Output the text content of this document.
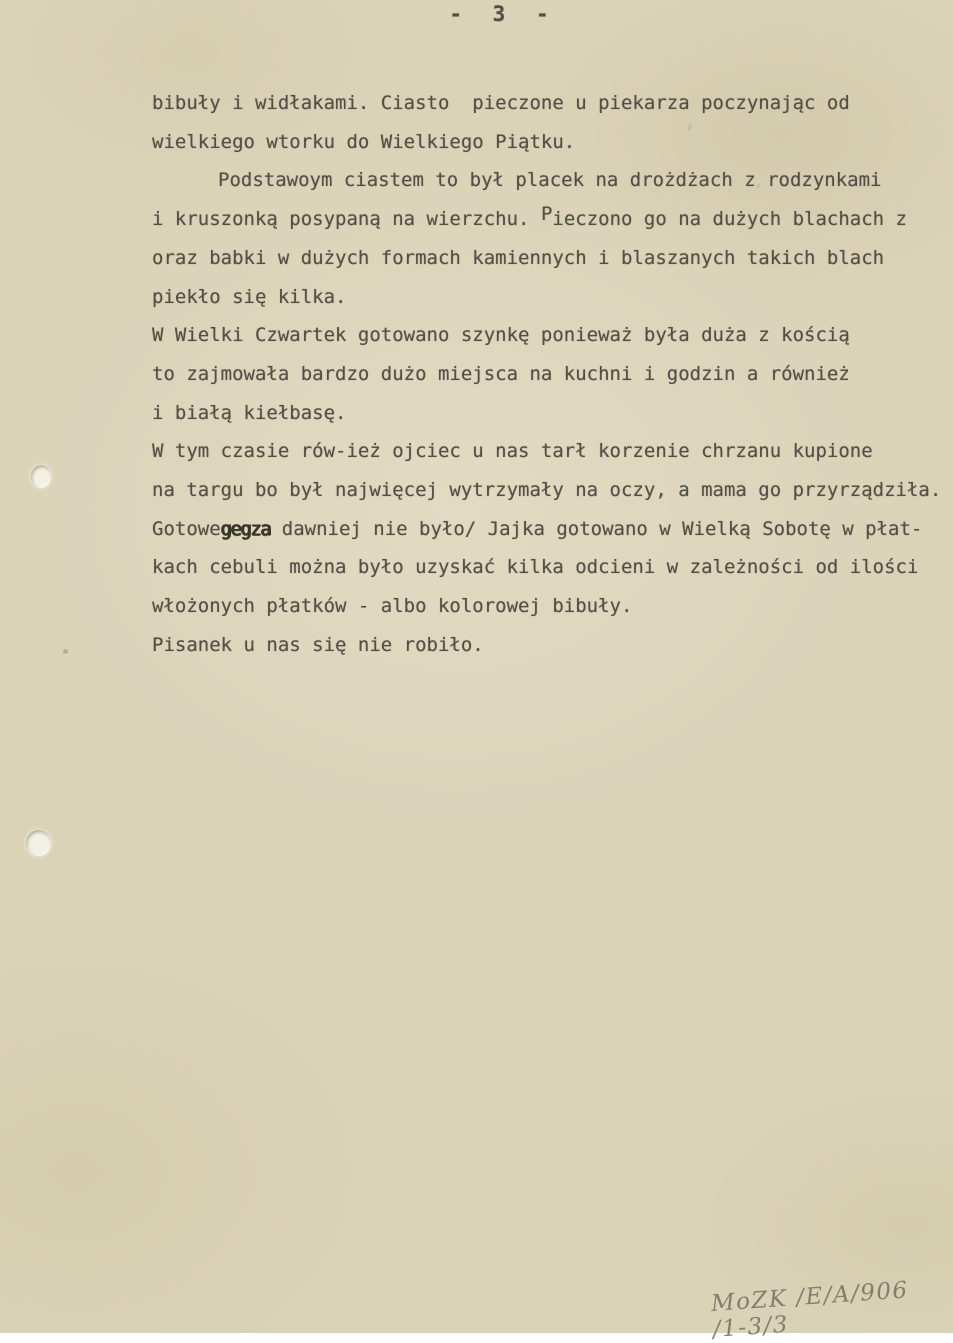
- 3 -
bibuły i widłakami. Ciasto  pieczone u piekarza poczynając od
wielkiego wtorku do Wielkiego Piątku.
Podstawoym ciastem to był placek na drożdżach z rodzynkami
i kruszonką posypaną na wierzchu. Pieczono go na dużych blachach z
oraz babki w dużych formach kamiennych i blaszanych takich blach
piekło się kilka.
W Wielki Czwartek gotowano szynkę ponieważ była duża z kością
to zajmowała bardzo dużo miejsca na kuchni i godzin a również
i białą kiełbasę.
W tym czasie rów-ież ojciec u nas tarł korzenie chrzanu kupione
na targu bo był najwięcej wytrzymały na oczy, a mama go przyrządziła.
Gotowegegza dawniej nie było/ Jajka gotowano w Wielką Sobotę w płat-
kach cebuli można było uzyskać kilka odcieni w zależności od ilości
włożonych płatków - albo kolorowej bibuły.
Pisanek u nas się nie robiło.
MoZK /E/A/906 /1-3/3
